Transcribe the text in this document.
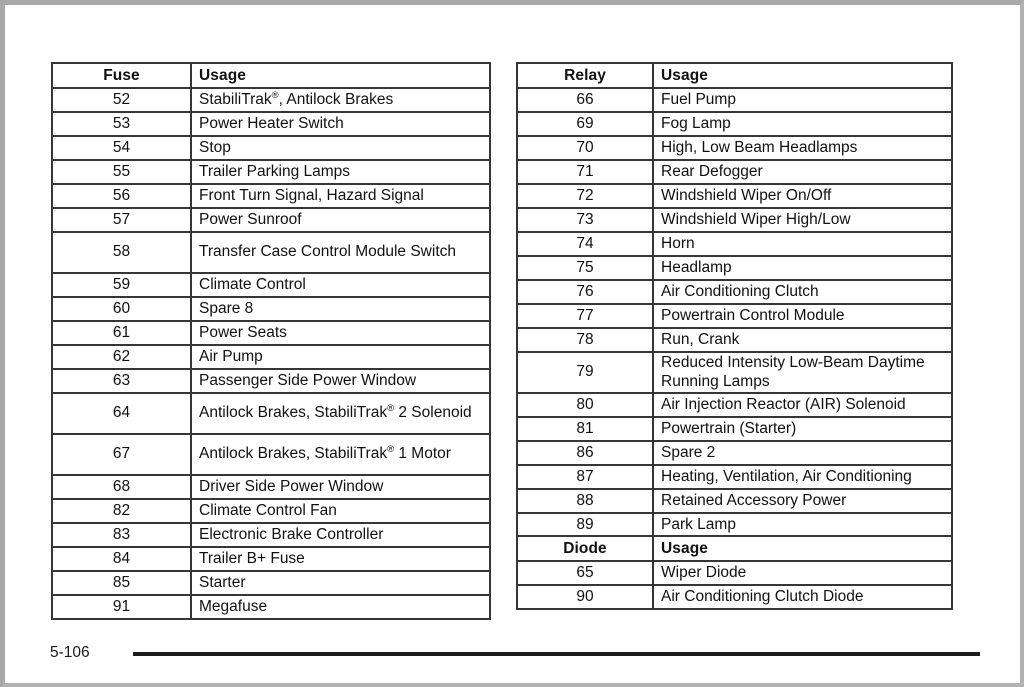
Fuse	Usage
52	StabiliTrak®, Antilock Brakes
53	Power Heater Switch
54	Stop
55	Trailer Parking Lamps
56	Front Turn Signal, Hazard Signal
57	Power Sunroof
58	Transfer Case Control Module Switch
59	Climate Control
60	Spare 8
61	Power Seats
62	Air Pump
63	Passenger Side Power Window
64	Antilock Brakes, StabiliTrak® 2 Solenoid
67	Antilock Brakes, StabiliTrak® 1 Motor
68	Driver Side Power Window
82	Climate Control Fan
83	Electronic Brake Controller
84	Trailer B+ Fuse
85	Starter
91	Megafuse
Relay	Usage
66	Fuel Pump
69	Fog Lamp
70	High, Low Beam Headlamps
71	Rear Defogger
72	Windshield Wiper On/Off
73	Windshield Wiper High/Low
74	Horn
75	Headlamp
76	Air Conditioning Clutch
77	Powertrain Control Module
78	Run, Crank
79	Reduced Intensity Low-Beam Daytime Running Lamps
80	Air Injection Reactor (AIR) Solenoid
81	Powertrain (Starter)
86	Spare 2
87	Heating, Ventilation, Air Conditioning
88	Retained Accessory Power
89	Park Lamp
Diode	Usage
65	Wiper Diode
90	Air Conditioning Clutch Diode
5-106
